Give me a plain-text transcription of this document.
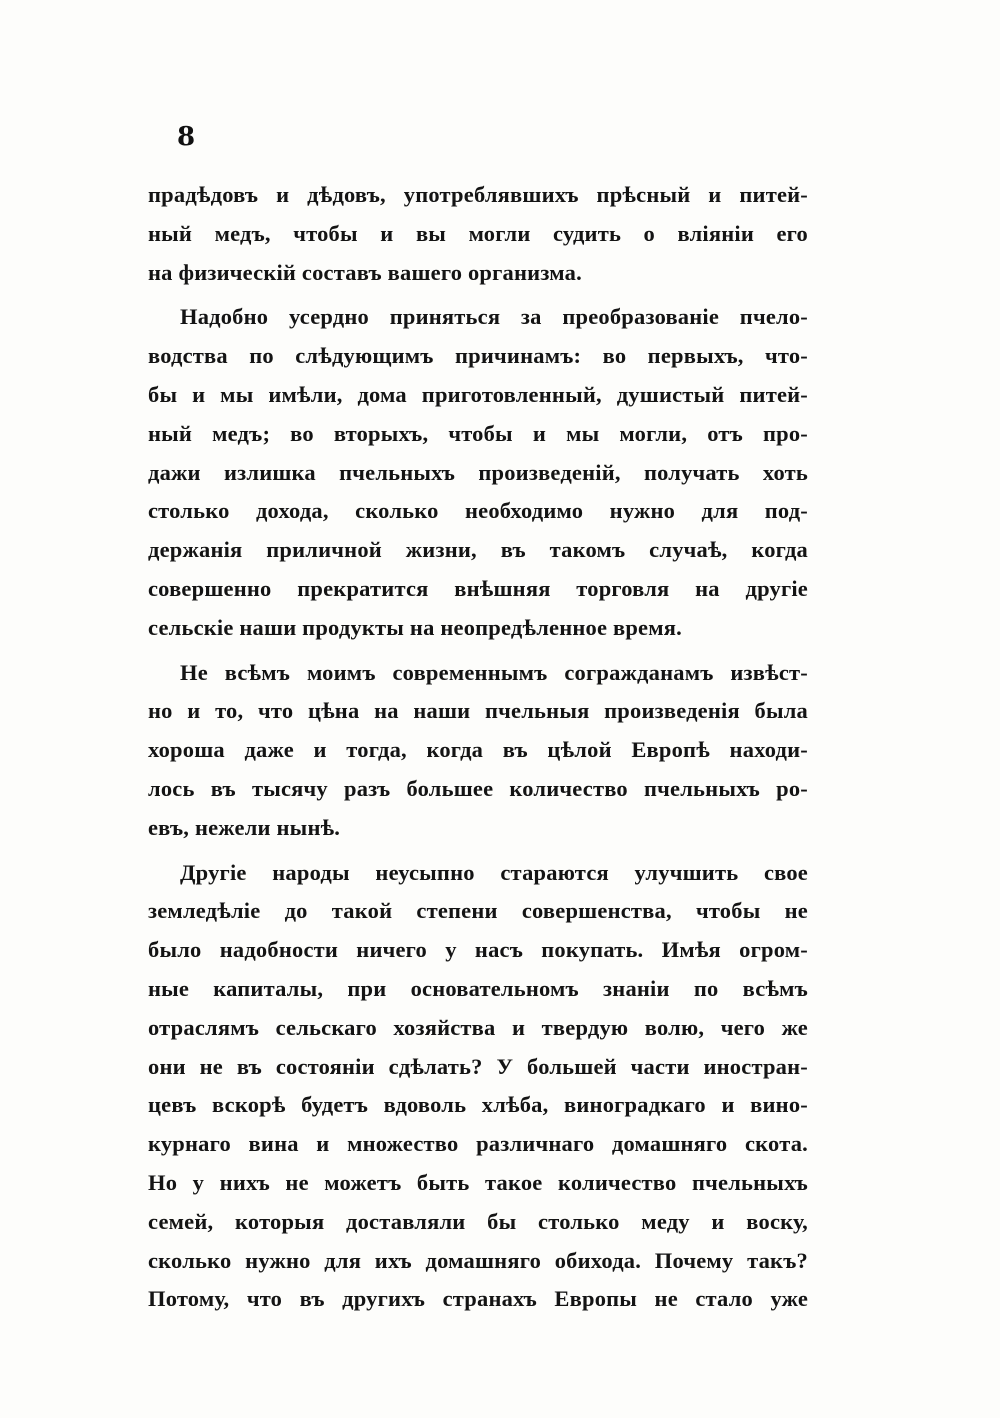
8
прадѣдовъ и дѣдовъ, употреблявшихъ прѣсный и питей-
ный медъ, чтобы и вы могли судить о вліяніи его
на физическій составъ вашего организма.
Надобно усердно приняться за преобразованіе пчело-
водства по слѣдующимъ причинамъ: во первыхъ, что-
бы и мы имѣли, дома приготовленный, душистый питей-
ный медъ; во вторыхъ, чтобы и мы могли, отъ про-
дажи излишка пчельныхъ произведеній, получать хоть
столько дохода, сколько необходимо нужно для под-
держанія приличной жизни, въ такомъ случаѣ, когда
совершенно прекратится внѣшняя торговля на другіе
сельскіе наши продукты на неопредѣленное время.
Не всѣмъ моимъ современнымъ согражданамъ извѣст-
но и то, что цѣна на наши пчельныя произведенія была
хороша даже и тогда, когда въ цѣлой Европѣ находи-
лось въ тысячу разъ большее количество пчельныхъ ро-
евъ, нежели нынѣ.
Другіе народы неусыпно стараются улучшить свое
земледѣліе до такой степени совершенства, чтобы не
было надобности ничего у насъ покупать. Имѣя огром-
ные капиталы, при основательномъ знаніи по всѣмъ
отраслямъ сельскаго хозяйства и твердую волю, чего же
они не въ состояніи сдѣлать? У большей части иностран-
цевъ вскорѣ будетъ вдоволь хлѣба, виноградкаго и вино-
курнаго вина и множество различнаго домашняго скота.
Но у нихъ не можетъ быть такое количество пчельныхъ
семей, которыя доставляли бы столько меду и воску,
сколько нужно для ихъ домашняго обихода. Почему такъ?
Потому, что въ другихъ странахъ Европы не стало уже
